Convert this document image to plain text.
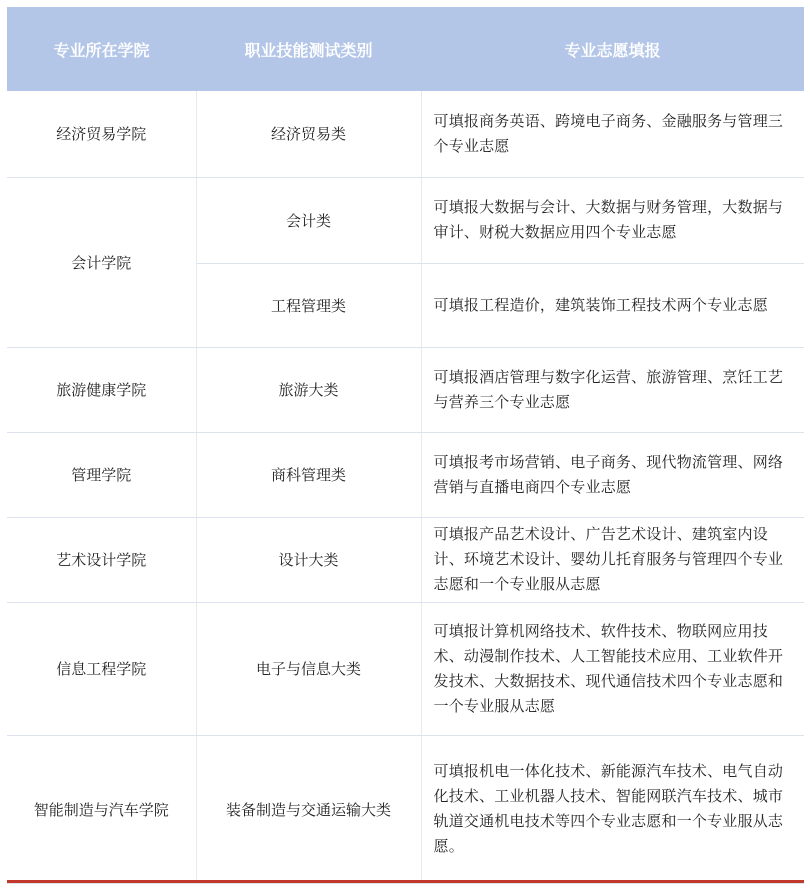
专业所在学院	职业技能测试类别	专业志愿填报
经济贸易学院	经济贸易类	可填报商务英语、跨境电子商务、金融服务与管理三个专业志愿
会计学院	会计类	可填报大数据与会计、大数据与财务管理，大数据与审计、财税大数据应用四个专业志愿
	工程管理类	可填报工程造价，建筑装饰工程技术两个专业志愿
旅游健康学院	旅游大类	可填报酒店管理与数字化运营、旅游管理、烹饪工艺与营养三个专业志愿
管理学院	商科管理类	可填报考市场营销、电子商务、现代物流管理、网络营销与直播电商四个专业志愿
艺术设计学院	设计大类	可填报产品艺术设计、广告艺术设计、建筑室内设计、环境艺术设计、婴幼儿托育服务与管理四个专业志愿和一个专业服从志愿
信息工程学院	电子与信息大类	可填报计算机网络技术、软件技术、物联网应用技术、动漫制作技术、人工智能技术应用、工业软件开发技术、大数据技术、现代通信技术四个专业志愿和一个专业服从志愿
智能制造与汽车学院	装备制造与交通运输大类	可填报机电一体化技术、新能源汽车技术、电气自动化技术、工业机器人技术、智能网联汽车技术、城市轨道交通机电技术等四个专业志愿和一个专业服从志愿。
